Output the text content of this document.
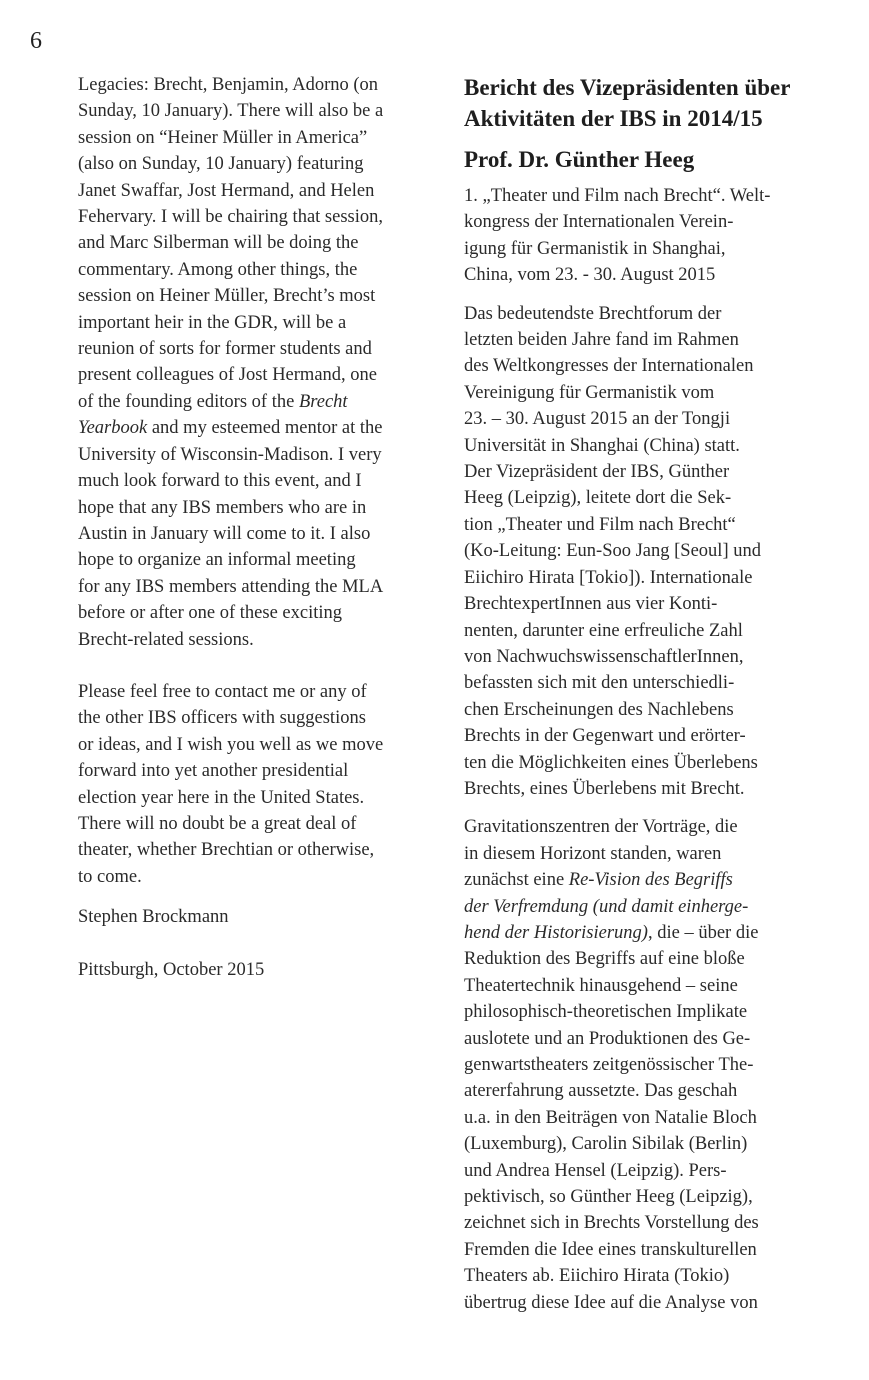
6

Legacies: Brecht, Benjamin, Adorno (on
Sunday, 10 January). There will also be a
session on “Heiner Müller in America”
(also on Sunday, 10 January) featuring
Janet Swaffar, Jost Hermand, and Helen
Fehervary. I will be chairing that session,
and Marc Silberman will be doing the
commentary. Among other things, the
session on Heiner Müller, Brecht’s most
important heir in the GDR, will be a
reunion of sorts for former students and
present colleagues of Jost Hermand, one
of the founding editors of the Brecht
Yearbook and my esteemed mentor at the
University of Wisconsin-Madison. I very
much look forward to this event, and I
hope that any IBS members who are in
Austin in January will come to it. I also
hope to organize an informal meeting
for any IBS members attending the MLA
before or after one of these exciting
Brecht-related sessions.

Please feel free to contact me or any of
the other IBS officers with suggestions
or ideas, and I wish you well as we move
forward into yet another presidential
election year here in the United States.
There will no doubt be a great deal of
theater, whether Brechtian or otherwise,
to come.

Stephen Brockmann

Pittsburgh, October 2015

Bericht des Vizepräsidenten über
Aktivitäten der IBS in 2014/15
Prof. Dr. Günther Heeg

1. „Theater und Film nach Brecht“. Welt-
kongress der Internationalen Verein-
igung für Germanistik in Shanghai,
China, vom 23. - 30. August 2015

Das bedeutendste Brechtforum der
letzten beiden Jahre fand im Rahmen
des Weltkongresses der Internationalen
Vereinigung für Germanistik vom
23. – 30. August 2015 an der Tongji
Universität in Shanghai (China) statt.
Der Vizepräsident der IBS, Günther
Heeg (Leipzig), leitete dort die Sek-
tion „Theater und Film nach Brecht“
(Ko-Leitung: Eun-Soo Jang [Seoul] und
Eiichiro Hirata [Tokio]). Internationale
BrechtexpertInnen aus vier Konti-
nenten, darunter eine erfreuliche Zahl
von NachwuchswissenschaftlerInnen,
befassten sich mit den unterschiedli-
chen Erscheinungen des Nachlebens
Brechts in der Gegenwart und erörter-
ten die Möglichkeiten eines Überlebens
Brechts, eines Überlebens mit Brecht.

Gravitationszentren der Vorträge, die
in diesem Horizont standen, waren
zunächst eine Re-Vision des Begriffs
der Verfremdung (und damit einherge-
hend der Historisierung), die – über die
Reduktion des Begriffs auf eine bloße
Theatertechnik hinausgehend – seine
philosophisch-theoretischen Implikate
auslotete und an Produktionen des Ge-
genwartstheaters zeitgenössischer The-
atererfahrung aussetzte. Das geschah
u.a. in den Beiträgen von Natalie Bloch
(Luxemburg), Carolin Sibilak (Berlin)
und Andrea Hensel (Leipzig). Pers-
pektivisch, so Günther Heeg (Leipzig),
zeichnet sich in Brechts Vorstellung des
Fremden die Idee eines transkulturellen
Theaters ab. Eiichiro Hirata (Tokio)
übertrug diese Idee auf die Analyse von
